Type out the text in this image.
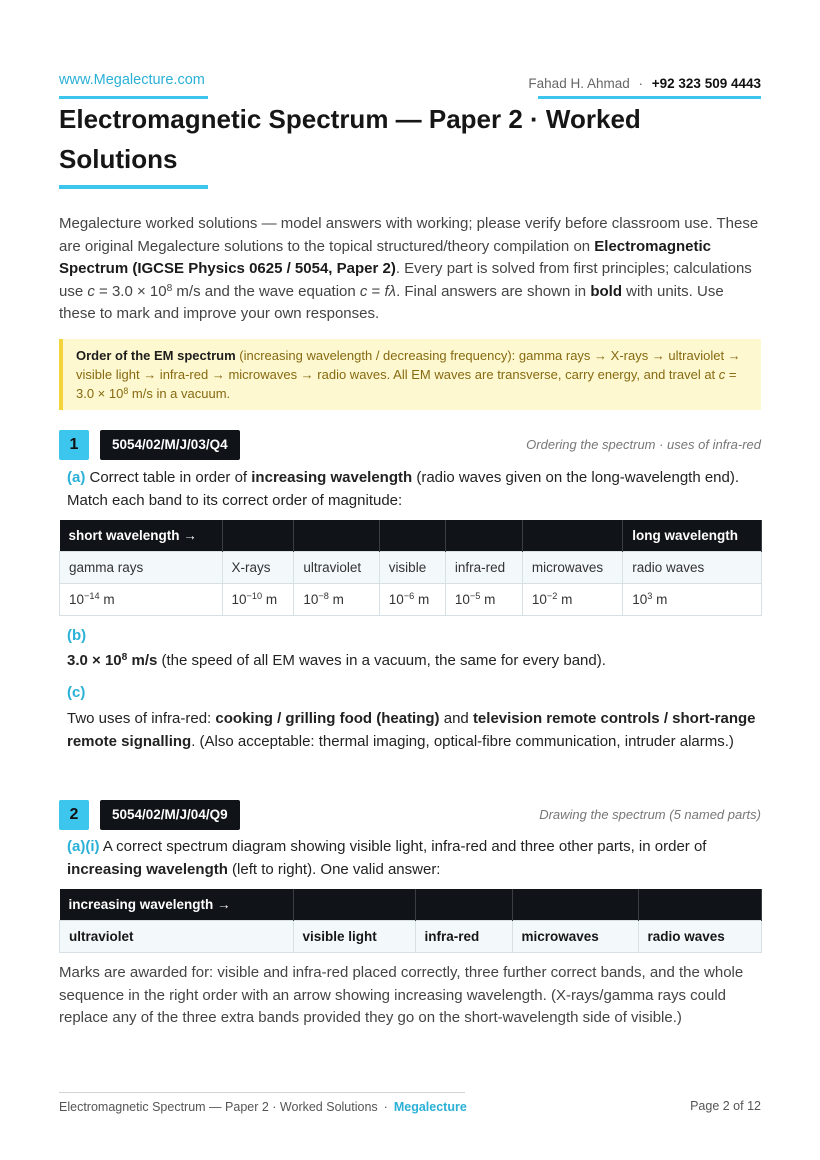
www.Megalecture.com	Fahad H. Ahmad · +92 323 509 4443
Electromagnetic Spectrum — Paper 2 · Worked Solutions

Megalecture worked solutions — model answers with working; please verify before classroom use. These are original Megalecture solutions to the topical structured/theory compilation on Electromagnetic Spectrum (IGCSE Physics 0625 / 5054, Paper 2). Every part is solved from first principles; calculations use $c = 3.0 \times 10^8$ m/s and the wave equation c = fλ. Final answers are shown in bold with units. Use these to mark and improve your own responses.

Order of the EM spectrum (increasing wavelength / decreasing frequency): gamma rays → X-rays → ultraviolet → visible light → infra-red → microwaves → radio waves. All EM waves are transverse, carry energy, and travel at $c = 3.0 \times 10^8$ m/s in a vacuum.
1	5054/02/M/J/03/Q4	Ordering the spectrum · uses of infra-red

(a) Correct table in order of increasing wavelength (radio waves given on the long-wavelength end). Match each band to its correct order of magnitude:

short wavelength →						long wavelength
gamma rays	X-rays	ultraviolet	visible	infra-red	microwaves	radio waves
$10^{-14}$ m	$10^{-10}$ m	$10^{-8}$ m	$10^{-6}$ m	$10^{-5}$ m	$10^{-2}$ m	$10^3$ m
(b)

$3.0 \times 10^8$ m/s (the speed of all EM waves in a vacuum, the same for every band).

(c)

Two uses of infra-red: cooking / grilling food (heating) and television remote controls / short-range remote signalling. (Also acceptable: thermal imaging, optical-fibre communication, intruder alarms.)

2	5054/02/M/J/04/Q9	Drawing the spectrum (5 named parts)

(a)(i) A correct spectrum diagram showing visible light, infra-red and three other parts, in order of increasing wavelength (left to right). One valid answer:

increasing wavelength →				
ultraviolet	visible light	infra-red	microwaves	radio waves

Marks are awarded for: visible and infra-red placed correctly, three further correct bands, and the whole sequence in the right order with an arrow showing increasing wavelength. (X-rays/gamma rays could replace any of the three extra bands provided they go on the short-wavelength side of visible.)

Electromagnetic Spectrum — Paper 2 · Worked Solutions · Megalecture	Page 2 of 12
